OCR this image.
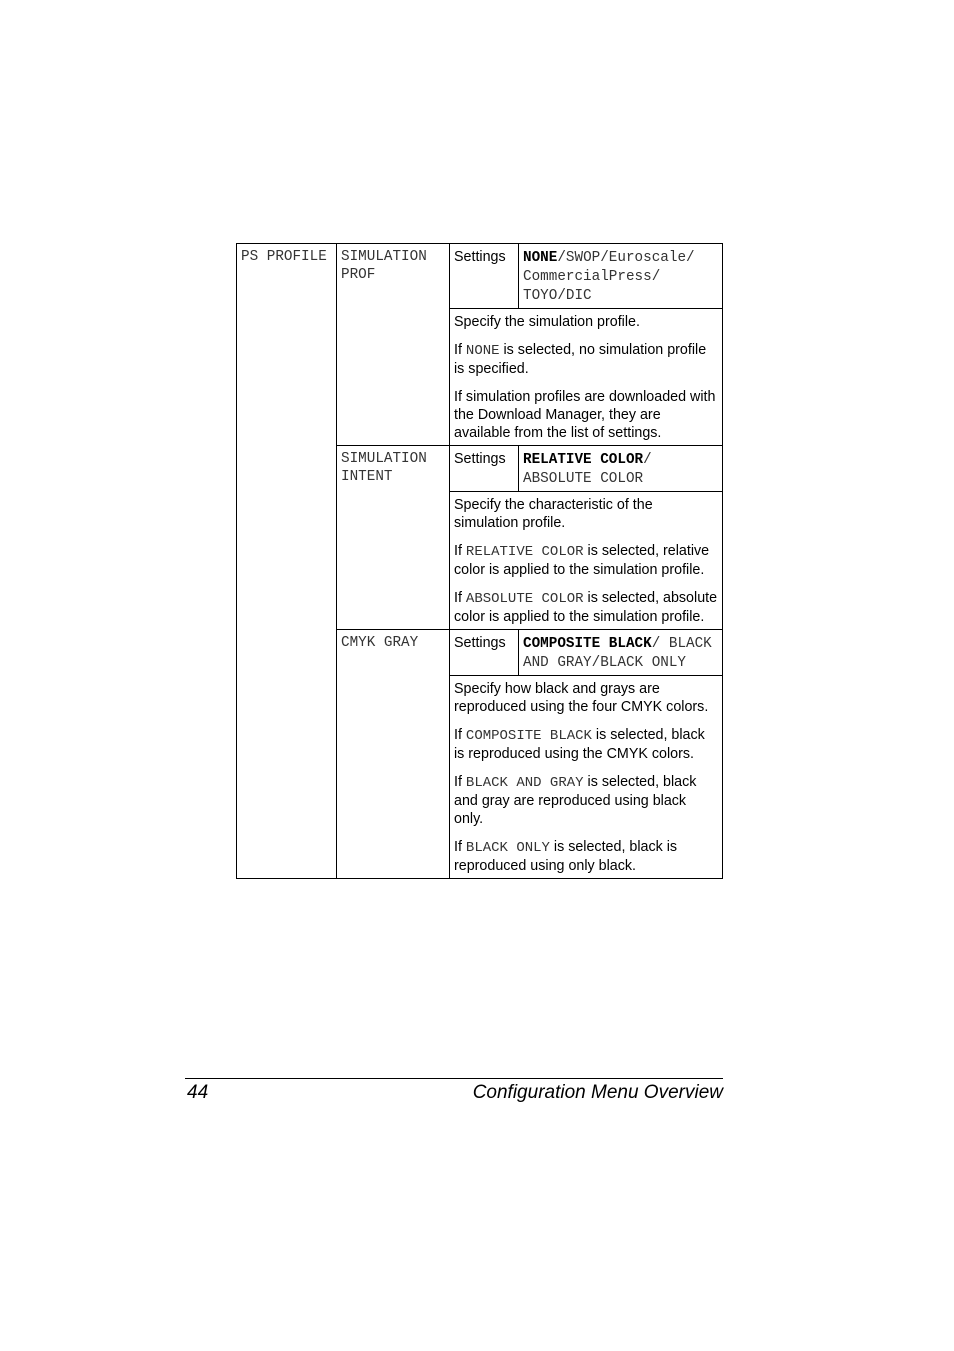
PS PROFILE	SIMULATION PROF	Settings	NONE/SWOP/Euroscale/ CommercialPress/ TOYO/DIC

		Specify the simulation profile.

If NONE is selected, no simulation profile is specified.

If simulation profiles are downloaded with the Download Manager, they are available from the list of settings.	

	SIMULATION INTENT	Settings	RELATIVE COLOR/ ABSOLUTE COLOR

		Specify the characteristic of the simulation profile.

If RELATIVE COLOR is selected, relative color is applied to the simulation profile.

If ABSOLUTE COLOR is selected, absolute color is applied to the simulation profile.	

	CMYK GRAY	Settings	COMPOSITE BLACK/ BLACK AND GRAY/BLACK ONLY

		Specify how black and grays are reproduced using the four CMYK colors.

If COMPOSITE BLACK is selected, black is reproduced using the CMYK colors.

If BLACK AND GRAY is selected, black and gray are reproduced using black only.

If BLACK ONLY is selected, black is reproduced using only black.	

44	Configuration Menu Overview
